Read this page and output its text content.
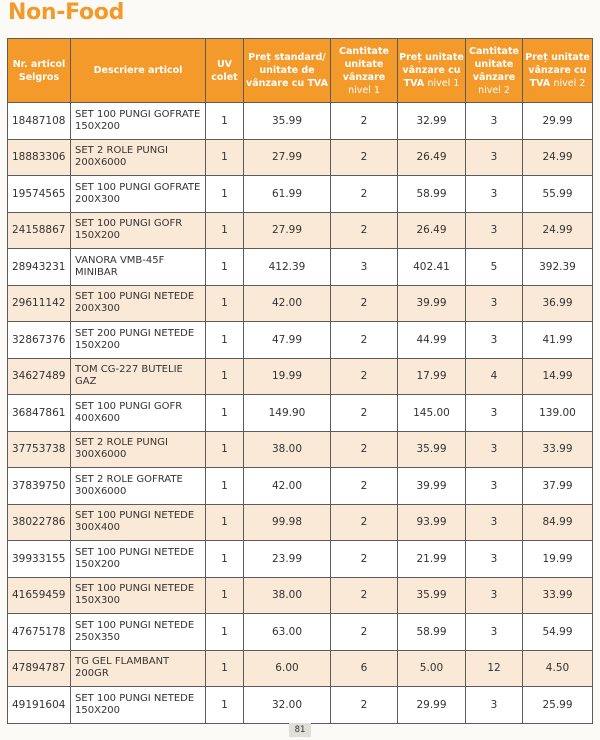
Non-Food
Nr. articol Selgros	Descriere articol	UV colet	Preț standard/ unitate de vânzare cu TVA	Cantitate unitate vânzare
nivel 1	Preț unitate vânzare cu TVA nivel 1	Cantitate unitate vânzare
nivel 2	Preț unitate vânzare cu TVA nivel 2
18487108	SET 100 PUNGI GOFRATE 150X200	1	35.99	2	32.99	3	29.99
18883306	SET 2 ROLE PUNGI 200X6000	1	27.99	2	26.49	3	24.99
19574565	SET 100 PUNGI GOFRATE 200X300	1	61.99	2	58.99	3	55.99
24158867	SET 100 PUNGI GOFR 150X200	1	27.99	2	26.49	3	24.99
28943231	VANORA VMB-45F MINIBAR	1	412.39	3	402.41	5	392.39
29611142	SET 100 PUNGI NETEDE 200X300	1	42.00	2	39.99	3	36.99
32867376	SET 200 PUNGI NETEDE 150X200	1	47.99	2	44.99	3	41.99
34627489	TOM CG-227 BUTELIE GAZ	1	19.99	2	17.99	4	14.99
36847861	SET 100 PUNGI GOFR 400X600	1	149.90	2	145.00	3	139.00
37753738	SET 2 ROLE PUNGI 300X6000	1	38.00	2	35.99	3	33.99
37839750	SET 2 ROLE GOFRATE 300X6000	1	42.00	2	39.99	3	37.99
38022786	SET 100 PUNGI NETEDE 300X400	1	99.98	2	93.99	3	84.99
39933155	SET 100 PUNGI NETEDE 150X200	1	23.99	2	21.99	3	19.99
41659459	SET 100 PUNGI NETEDE 150X300	1	38.00	2	35.99	3	33.99
47675178	SET 100 PUNGI NETEDE 250X350	1	63.00	2	58.99	3	54.99
47894787	TG GEL FLAMBANT 200GR	1	6.00	6	5.00	12	4.50
49191604	SET 100 PUNGI NETEDE 150X200	1	32.00	2	29.99	3	25.99
81
